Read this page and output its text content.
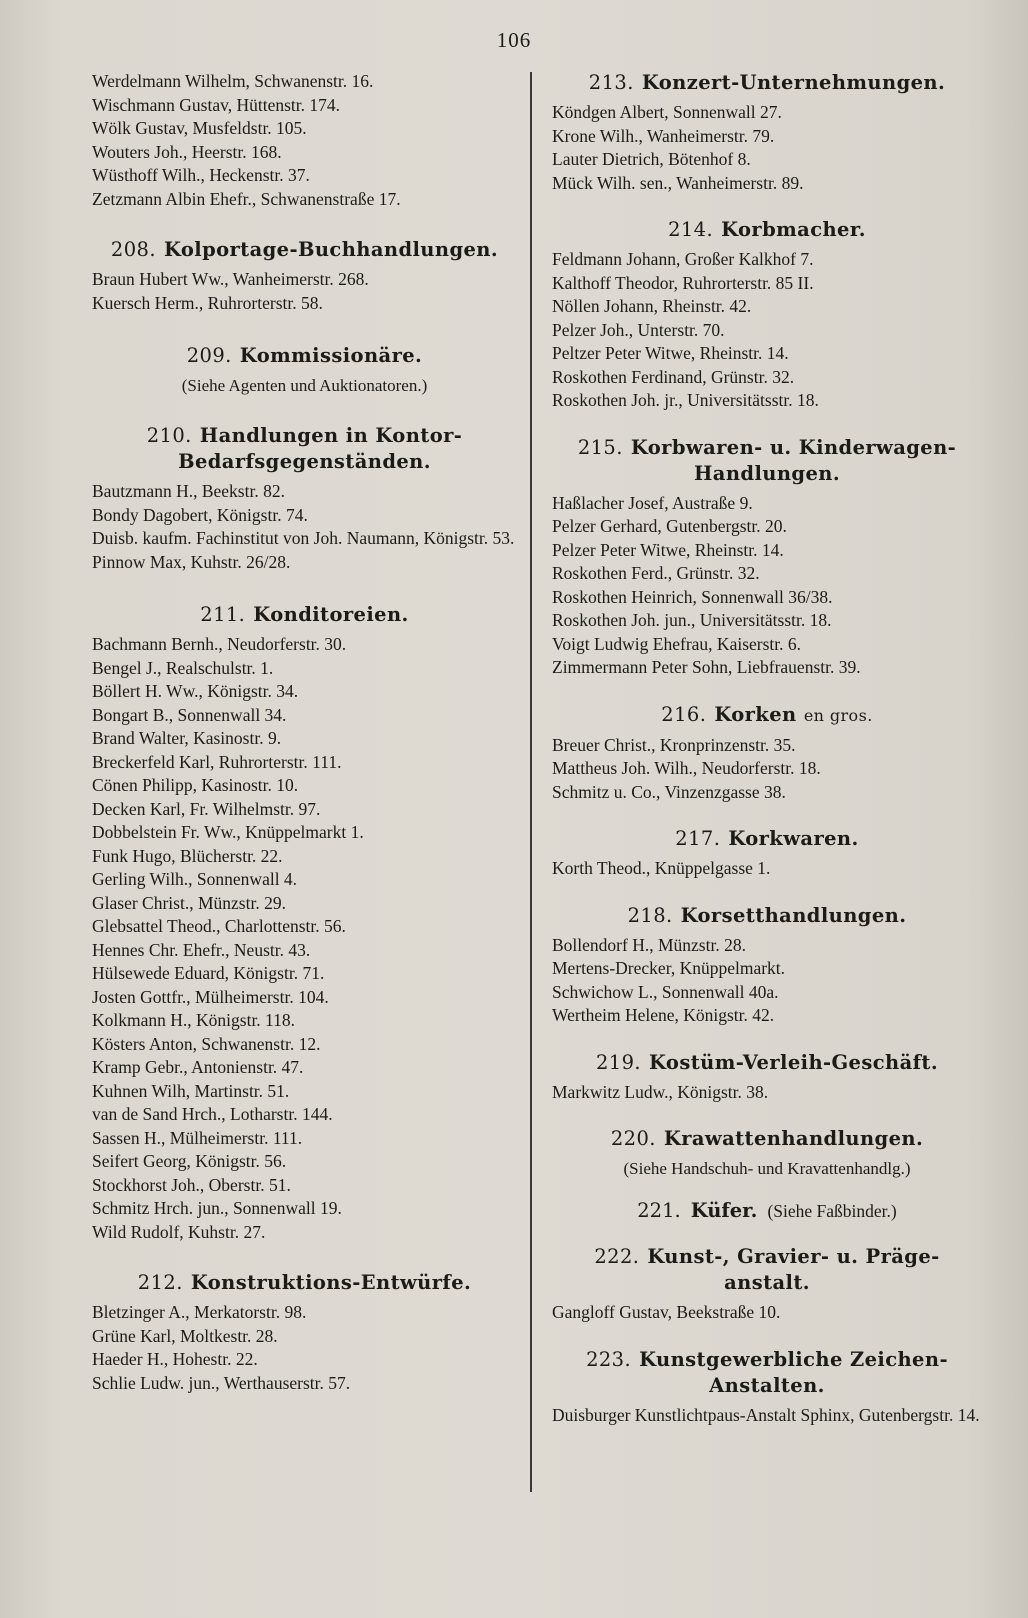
106
Werdelmann Wilhelm, Schwanenstr. 16.
Wischmann Gustav, Hüttenstr. 174.
Wölk Gustav, Musfeldstr. 105.
Wouters Joh., Heerstr. 168.
Wüsthoff Wilh., Heckenstr. 37.
Zetzmann Albin Ehefr., Schwanenstraße 17.
208. Kolportage-Buchhandlungen.
Braun Hubert Ww., Wanheimerstr. 268.
Kuersch Herm., Ruhrorterstr. 58.
209. Kommissionäre.
(Siehe Agenten und Auktionatoren.)
210. Handlungen in Kontor-
Bedarfsgegenständen.
Bautzmann H., Beekstr. 82.
Bondy Dagobert, Königstr. 74.
Duisb. kaufm. Fachinstitut von Joh. Naumann, Königstr. 53.
Pinnow Max, Kuhstr. 26/28.
211. Konditoreien.
Bachmann Bernh., Neudorferstr. 30.
Bengel J., Realschulstr. 1.
Böllert H. Ww., Königstr. 34.
Bongart B., Sonnenwall 34.
Brand Walter, Kasinostr. 9.
Breckerfeld Karl, Ruhrorterstr. 111.
Cönen Philipp, Kasinostr. 10.
Decken Karl, Fr. Wilhelmstr. 97.
Dobbelstein Fr. Ww., Knüppelmarkt 1.
Funk Hugo, Blücherstr. 22.
Gerling Wilh., Sonnenwall 4.
Glaser Christ., Münzstr. 29.
Glebsattel Theod., Charlottenstr. 56.
Hennes Chr. Ehefr., Neustr. 43.
Hülsewede Eduard, Königstr. 71.
Josten Gottfr., Mülheimerstr. 104.
Kolkmann H., Königstr. 118.
Kösters Anton, Schwanenstr. 12.
Kramp Gebr., Antonienstr. 47.
Kuhnen Wilh, Martinstr. 51.
van de Sand Hrch., Lotharstr. 144.
Sassen H., Mülheimerstr. 111.
Seifert Georg, Königstr. 56.
Stockhorst Joh., Oberstr. 51.
Schmitz Hrch. jun., Sonnenwall 19.
Wild Rudolf, Kuhstr. 27.
212. Konstruktions-Entwürfe.
Bletzinger A., Merkatorstr. 98.
Grüne Karl, Moltkestr. 28.
Haeder H., Hohestr. 22.
Schlie Ludw. jun., Werthauserstr. 57.
213. Konzert-Unternehmungen.
Köndgen Albert, Sonnenwall 27.
Krone Wilh., Wanheimerstr. 79.
Lauter Dietrich, Bötenhof 8.
Mück Wilh. sen., Wanheimerstr. 89.
214. Korbmacher.
Feldmann Johann, Großer Kalkhof 7.
Kalthoff Theodor, Ruhrorterstr. 85 II.
Nöllen Johann, Rheinstr. 42.
Pelzer Joh., Unterstr. 70.
Peltzer Peter Witwe, Rheinstr. 14.
Roskothen Ferdinand, Grünstr. 32.
Roskothen Joh. jr., Universitätsstr. 18.
215. Korbwaren- u. Kinderwagen-
Handlungen.
Haßlacher Josef, Austraße 9.
Pelzer Gerhard, Gutenbergstr. 20.
Pelzer Peter Witwe, Rheinstr. 14.
Roskothen Ferd., Grünstr. 32.
Roskothen Heinrich, Sonnenwall 36/38.
Roskothen Joh. jun., Universitätsstr. 18.
Voigt Ludwig Ehefrau, Kaiserstr. 6.
Zimmermann Peter Sohn, Liebfrauenstr. 39.
216. Korken en gros.
Breuer Christ., Kronprinzenstr. 35.
Mattheus Joh. Wilh., Neudorferstr. 18.
Schmitz u. Co., Vinzenzgasse 38.
217. Korkwaren.
Korth Theod., Knüppelgasse 1.
218. Korsetthandlungen.
Bollendorf H., Münzstr. 28.
Mertens-Drecker, Knüppelmarkt.
Schwichow L., Sonnenwall 40a.
Wertheim Helene, Königstr. 42.
219. Kostüm-Verleih-Geschäft.
Markwitz Ludw., Königstr. 38.
220. Krawattenhandlungen.
(Siehe Handschuh- und Kravattenhandlg.)
221. Küfer. (Siehe Faßbinder.)
222. Kunst-, Gravier- u. Präge-
anstalt.
Gangloff Gustav, Beekstraße 10.
223. Kunstgewerbliche Zeichen-
Anstalten.
Duisburger Kunstlichtpaus-Anstalt Sphinx, Gutenbergstr. 14.
